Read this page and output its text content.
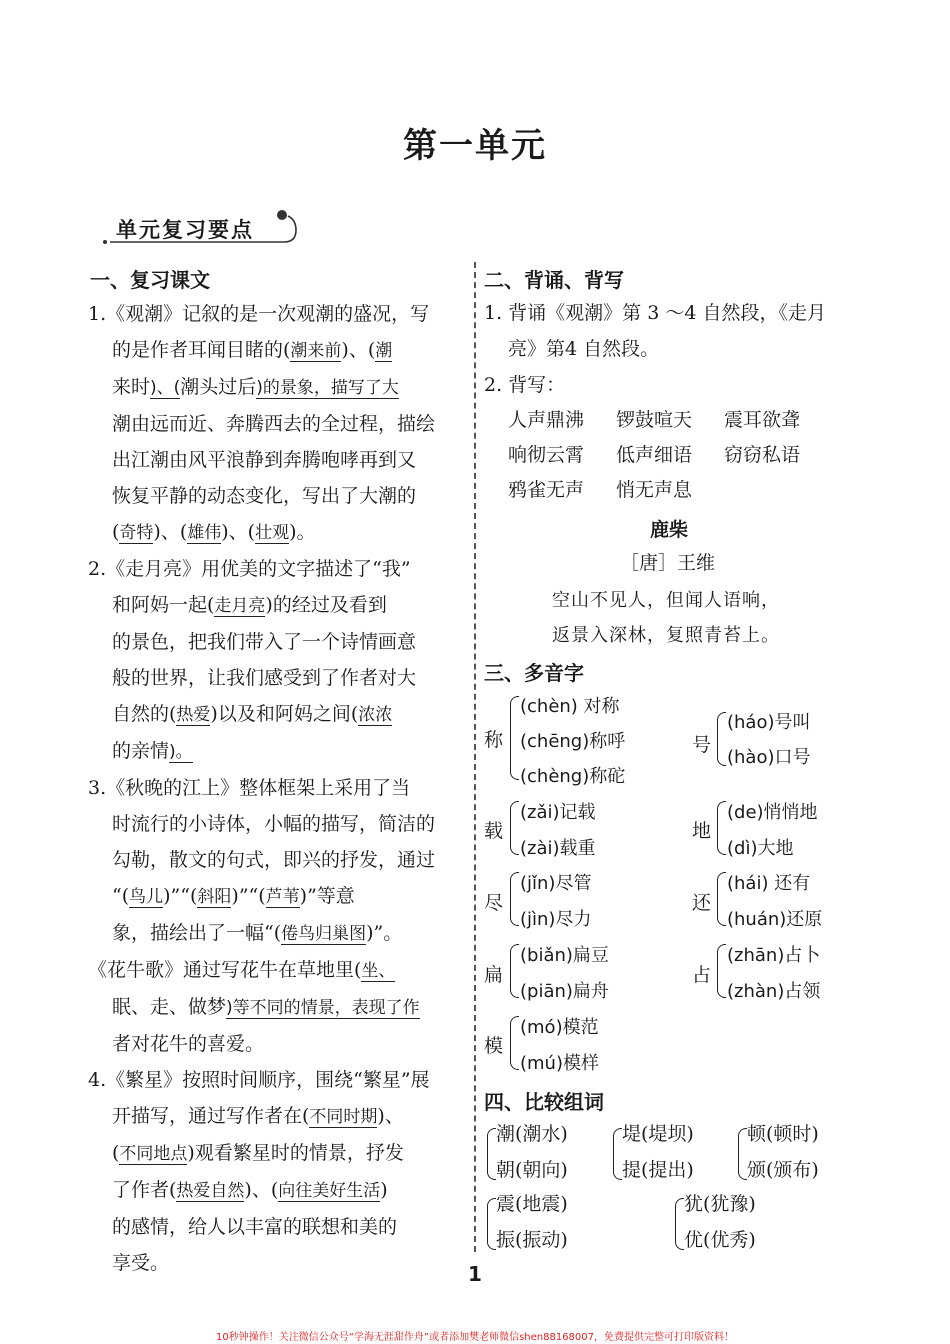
第一单元
单元复习要点
一、复习课文
1.《观潮》记叙的是一次观潮的盛况，写
的是作者耳闻目睹的(潮来前)、(潮
来时)、(潮头过后)的景象，描写了大
潮由远而近、奔腾西去的全过程，描绘
出江潮由风平浪静到奔腾咆哮再到又
恢复平静的动态变化，写出了大潮的
(奇特)、(雄伟)、(壮观)。
2.《走月亮》用优美的文字描述了“我”
和阿妈一起(走月亮)的经过及看到
的景色，把我们带入了一个诗情画意
般的世界，让我们感受到了作者对大
自然的(热爱)以及和阿妈之间(浓浓
的亲情)。
3.《秋晚的江上》整体框架上采用了当
时流行的小诗体，小幅的描写，简洁的
勾勒，散文的句式，即兴的抒发，通过
“(鸟儿)”“(斜阳)”“(芦苇)”等意
象，描绘出了一幅“(倦鸟归巢图)”。
《花牛歌》通过写花牛在草地里(坐、
眠、走、做梦)等不同的情景，表现了作
者对花牛的喜爱。
4.《繁星》按照时间顺序，围绕“繁星”展
开描写，通过写作者在(不同时期)、
(不同地点)观看繁星时的情景，抒发
了作者(热爱自然)、(向往美好生活)
的感情，给人以丰富的联想和美的
享受。
二、背诵、背写
1. 背诵《观潮》第 3 ～4 自然段，《走月
亮》第4 自然段。
2. 背写：
人声鼎沸 锣鼓喧天 震耳欲聋
响彻云霄 低声细语 窃窃私语
鸦雀无声 悄无声息
鹿柴
［唐］王维
空山不见人，但闻人语响，
返景入深林，复照青苔上。
三、多音字
称
(chèn) 对称
(chēng)称呼
(chèng)称砣
号
(háo)号叫
(hào)口号
载
(zǎi)记载
(zài)载重
地
(de)悄悄地
(dì)大地
尽
(jǐn)尽管
(jìn)尽力
还
(hái) 还有
(huán)还原
扁
(biǎn)扁豆
(piān)扁舟
占
(zhān)占卜
(zhàn)占领
模
(mó)模范
(mú)模样
四、比较组词
潮(潮水)
朝(朝向)
堤(堤坝)
提(提出)
顿(顿时)
颁(颁布)
震(地震)
振(振动)
犹(犹豫)
优(优秀)
1
10秒钟操作！关注微信公众号“学海无涯甜作舟”或者添加樊老师微信shen88168007，免费提供完整可打印版资料！
